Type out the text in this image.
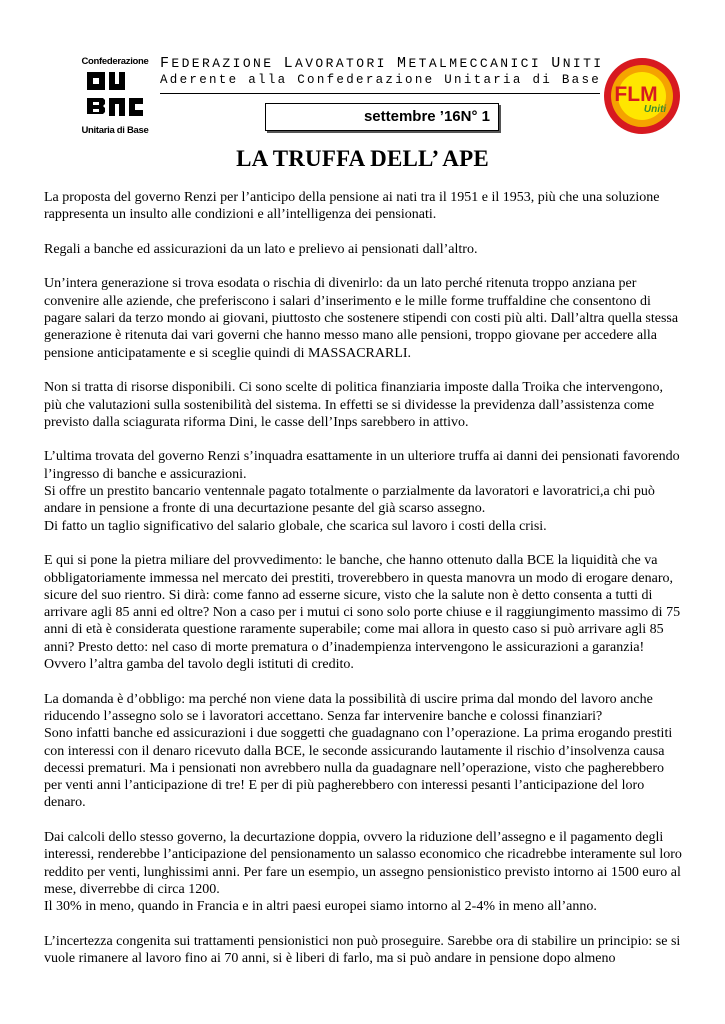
Confederazione
Unitaria di Base
FEDERAZIONE LAVORATORI METALMECCANICI UNITI
Aderente alla Confederazione Unitaria di Base
settembre ’16N° 1
FLM
Uniti
LA TRUFFA DELL’ APE

La proposta del governo Renzi per l’anticipo della pensione ai nati tra il 1951 e il 1953, più che una soluzione rappresenta un insulto alle condizioni e all’intelligenza dei pensionati.

Regali a banche ed assicurazioni da un lato e prelievo ai pensionati dall’altro.

Un’intera generazione si trova esodata o rischia di divenirlo: da un lato perché ritenuta troppo anziana per convenire alle aziende, che preferiscono i salari d’inserimento e le mille forme truffaldine che consentono di pagare salari da terzo mondo ai giovani, piuttosto che sostenere stipendi con costi più alti. Dall’altra quella stessa generazione è ritenuta dai vari governi che hanno messo mano alle pensioni, troppo giovane per accedere alla pensione anticipatamente e si sceglie quindi di MASSACRARLI.

Non si tratta di risorse disponibili. Ci sono scelte di politica finanziaria imposte dalla Troika che intervengono, più che valutazioni sulla sostenibilità del sistema. In effetti se si dividesse la previdenza dall’assistenza come previsto dalla sciagurata riforma Dini, le casse dell’Inps sarebbero in attivo.

L’ultima trovata del governo Renzi s’inquadra esattamente in un ulteriore truffa ai danni dei pensionati favorendo l’ingresso di banche e assicurazioni.

Si offre un prestito bancario ventennale pagato totalmente o parzialmente da lavoratori e lavoratrici,a chi può andare in pensione a fronte di una decurtazione pesante del già scarso assegno.

Di fatto un taglio significativo del salario globale, che scarica sul lavoro i costi della crisi.

E qui si pone la pietra miliare del provvedimento: le banche, che hanno ottenuto dalla BCE la liquidità che va obbligatoriamente immessa nel mercato dei prestiti, troverebbero in questa manovra un modo di erogare denaro, sicure del suo rientro. Si dirà: come fanno ad esserne sicure, visto che la salute non è detto consenta a tutti di arrivare agli 85 anni ed oltre? Non a caso per i mutui ci sono solo porte chiuse e il raggiungimento massimo di 75 anni di età è considerata questione raramente superabile; come mai allora in questo caso si può arrivare agli 85 anni? Presto detto: nel caso di morte prematura o d’inadempienza intervengono le assicurazioni a garanzia! Ovvero l’altra gamba del tavolo degli istituti di credito.

La domanda è d’obbligo: ma perché non viene data la possibilità di uscire prima dal mondo del lavoro anche riducendo l’assegno solo se i lavoratori accettano. Senza far intervenire banche e colossi finanziari?

Sono infatti banche ed assicurazioni i due soggetti che guadagnano con l’operazione. La prima erogando prestiti con interessi con il denaro ricevuto dalla BCE, le seconde assicurando lautamente il rischio d’insolvenza causa decessi prematuri. Ma i pensionati non avrebbero nulla da guadagnare nell’operazione, visto che pagherebbero per venti anni l’anticipazione di tre! E per di più pagherebbero con interessi pesanti l’anticipazione del loro denaro.

Dai calcoli dello stesso governo, la decurtazione doppia, ovvero la riduzione dell’assegno e il pagamento degli interessi, renderebbe l’anticipazione del pensionamento un salasso economico che ricadrebbe interamente sul loro reddito per venti, lunghissimi anni. Per fare un esempio, un assegno pensionistico previsto intorno ai 1500 euro al mese, diverrebbe di circa 1200.

Il 30% in meno, quando in Francia e in altri paesi europei siamo intorno al 2-4% in meno all’anno.

L’incertezza congenita sui trattamenti pensionistici non può proseguire. Sarebbe ora di stabilire un principio: se si vuole rimanere al lavoro fino ai 70 anni, si è liberi di farlo, ma si può andare in pensione dopo almeno
